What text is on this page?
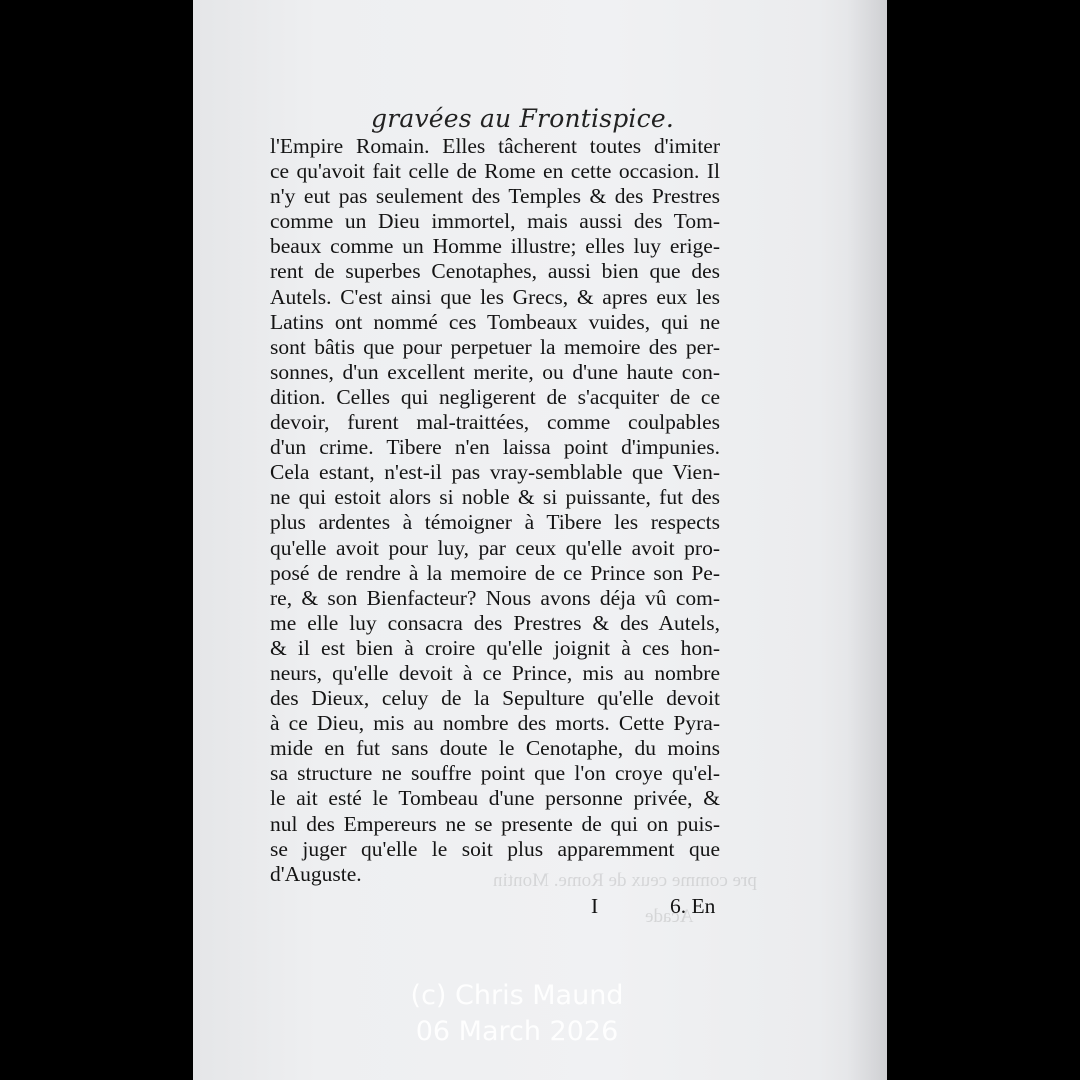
pre comme ceux de Rome. Montin
Acade
gravées au Frontispice.
l'Empire Romain. Elles tâcherent toutes d'imiter
ce qu'avoit fait celle de Rome en cette occasion. Il
n'y eut pas seulement des Temples & des Prestres
comme un Dieu immortel, mais aussi des Tom-
beaux comme un Homme illustre; elles luy erige-
rent de superbes Cenotaphes, aussi bien que des
Autels. C'est ainsi que les Grecs, & apres eux les
Latins ont nommé ces Tombeaux vuides, qui ne
sont bâtis que pour perpetuer la memoire des per-
sonnes, d'un excellent merite, ou d'une haute con-
dition. Celles qui negligerent de s'acquiter de ce
devoir, furent mal-traittées, comme coulpables
d'un crime. Tibere n'en laissa point d'impunies.
Cela estant, n'est-il pas vray-semblable que Vien-
ne qui estoit alors si noble & si puissante, fut des
plus ardentes à témoigner à Tibere les respects
qu'elle avoit pour luy, par ceux qu'elle avoit pro-
posé de rendre à la memoire de ce Prince son Pe-
re, & son Bienfacteur? Nous avons déja vû com-
me elle luy consacra des Prestres & des Autels,
& il est bien à croire qu'elle joignit à ces hon-
neurs, qu'elle devoit à ce Prince, mis au nombre
des Dieux, celuy de la Sepulture qu'elle devoit
à ce Dieu, mis au nombre des morts. Cette Pyra-
mide en fut sans doute le Cenotaphe, du moins
sa structure ne souffre point que l'on croye qu'el-
le ait esté le Tombeau d'une personne privée, &
nul des Empereurs ne se presente de qui on puis-
se juger qu'elle le soit plus apparemment que
d'Auguste.
I	6. En
(c) Chris Maund
06 March 2026
